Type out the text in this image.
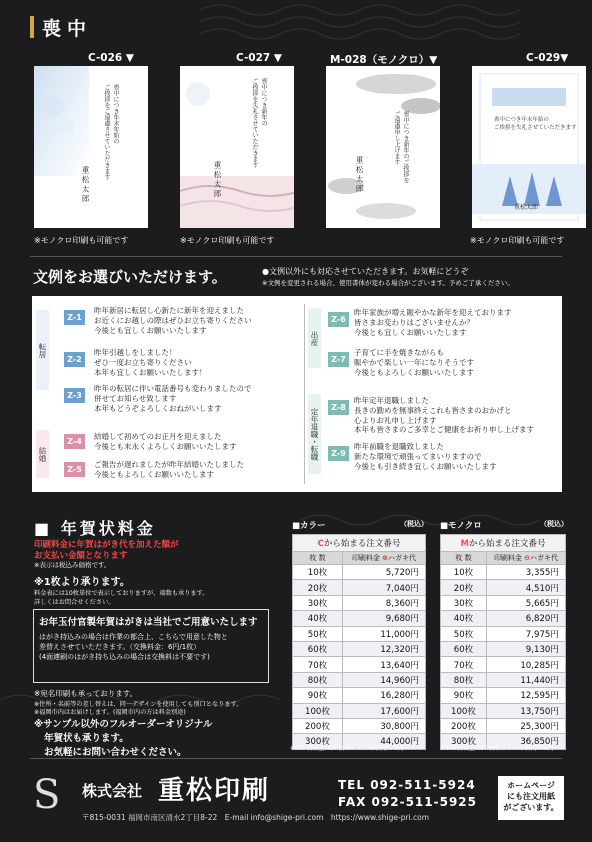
喪中
C-026 ▼	C-027 ▼	M-028（モノクロ）▼	C-029▼
喪中につき年末年始の
ご挨拶をご遠慮させていただきます
重松太郎
※モノクロ印刷も可能です
喪中につき新年の
ご挨拶を失礼させていただきます
重松太郎
※モノクロ印刷も可能です
喪中につき新年のご挨拶を
ご遠慮申し上げます
重松太郎
喪中につき年末年始の
ご挨拶を失礼させていただきます
重松太郎
※モノクロ印刷も可能です
文例をお選びいただけます。	●文例以外にも対応させていただきます。お気軽にどうぞ
※文例を変更される場合、使用書体が変わる場合がございます。予めご了承ください。
転居
結婚
出産
定年退職・転職
Z-1
昨年新居に転居し心新たに新年を迎えました
お近くにお越しの際はぜひお立ち寄りください
今後とも宜しくお願いいたします
Z-2
昨年引越しをしました！
ぜひ一度お立ち寄りください
本年も宜しくお願いいたします！
Z-3
昨年の転居に伴い電話番号も変わりましたので
併せてお知らせ致します
本年もどうぞよろしくおねがいします
Z-4
結婚して初めてのお正月を迎えました
今後とも末永くよろしくお願いいたします
Z-5
ご報告が遅れましたが昨年結婚いたしました
今後ともよろしくお願いいたします
Z-6
昨年家族が増え賑やかな新年を迎えております
皆さまお変わりはございませんか？
今後とも宜しくお願いいたします
Z-7
子育てに手を焼きながらも
賑やかで楽しい一年になりそうです
今後ともよろしくお願いいたします
Z-8
昨年定年退職しました
長きの勤めを無事終えこれも皆さまのおかげと
心よりお礼申し上げます
本年も皆さまのご多幸とご健康をお祈り申し上げます
Z-9
昨年前職を退職致しました
新たな環境で頑張ってまいりますので
今後とも引き続き宜しくお願いいたします
■ 年賀状料金
印刷料金に年賀はがき代を加えた額が
お支払い金額となります
※表示は税込み価格です。
※1枚より承ります。
料金表には10枚単位で表示しておりますが、端数も承ります。
詳しくはお問合せください。
お年玉付官製年賀はがきは当社でご用意いたします
はがき持込みの場合は作業の都合上、こちらで用意した物と
差替えさせていただきます。（交換料金：6円/1枚）
(4面連刷のはがき持ち込みの場合は交換料は不要です)
※宛名印刷も承っております。
※住所・名前等の差し替えは、同一デザインを使用しても別口となります。
※福岡市内はお届けします。(福岡市内の方は料金別途)
※サンプル以外のフルオーダーオリジナル
年賀状も承ります。
■カラー	（税込）
Cから始まる注文番号	
枚 数	印刷料金 ⊕ハガキ代
10枚	5,720円
20枚	7,040円
30枚	8,360円
40枚	9,680円
50枚	11,000円
60枚	12,320円
70枚	13,640円
80枚	14,960円
90枚	16,280円
100枚	17,600円
200枚	30,800円
300枚	44,000円
※300枚以上は20枚増ごとに印刷代770円
■モノクロ	（税込）
Mから始まる注文番号	
枚 数	印刷料金 ⊖ハガキ代
10枚	3,355円
20枚	4,510円
30枚	5,665円
40枚	6,820円
50枚	7,975円
60枚	9,130円
70枚	10,285円
80枚	11,440円
90枚	12,595円
100枚	13,750円
200枚	25,300円
300枚	36,850円
※300枚以上は20枚増ごとに印刷代440円
S 株式会社 重松印刷
〒815-0031 福岡市南区清水2丁目8-22　E-mail info@shige-pri.com　https://www.shige-pri.com
TEL 092-511-5924
FAX 092-511-5925
ホームページ
にも注文用紙
がございます。
お気軽にお問い合わせください。
